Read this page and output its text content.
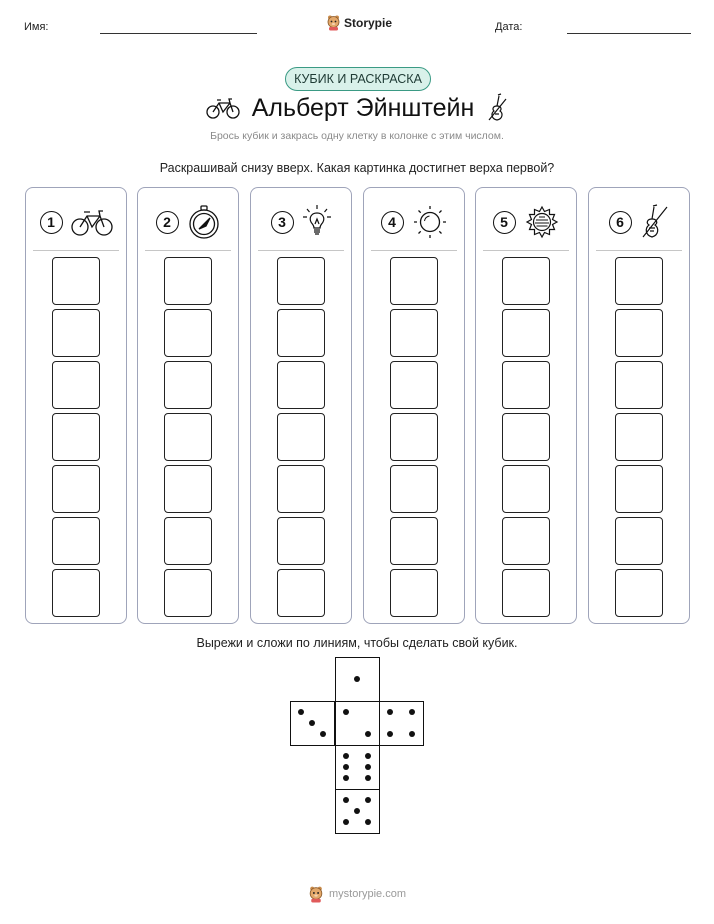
Имя:	Storypie	Дата:
КУБИК И РАСКРАСКА
Альберт Эйнштейн
Брось кубик и закрась одну клетку в колонке с этим числом.
Раскрашивай снизу вверх. Какая картинка достигнет верха первой?
1	2	3	4	5	6
Вырежи и сложи по линиям, чтобы сделать свой кубик.
mystorypie.com
